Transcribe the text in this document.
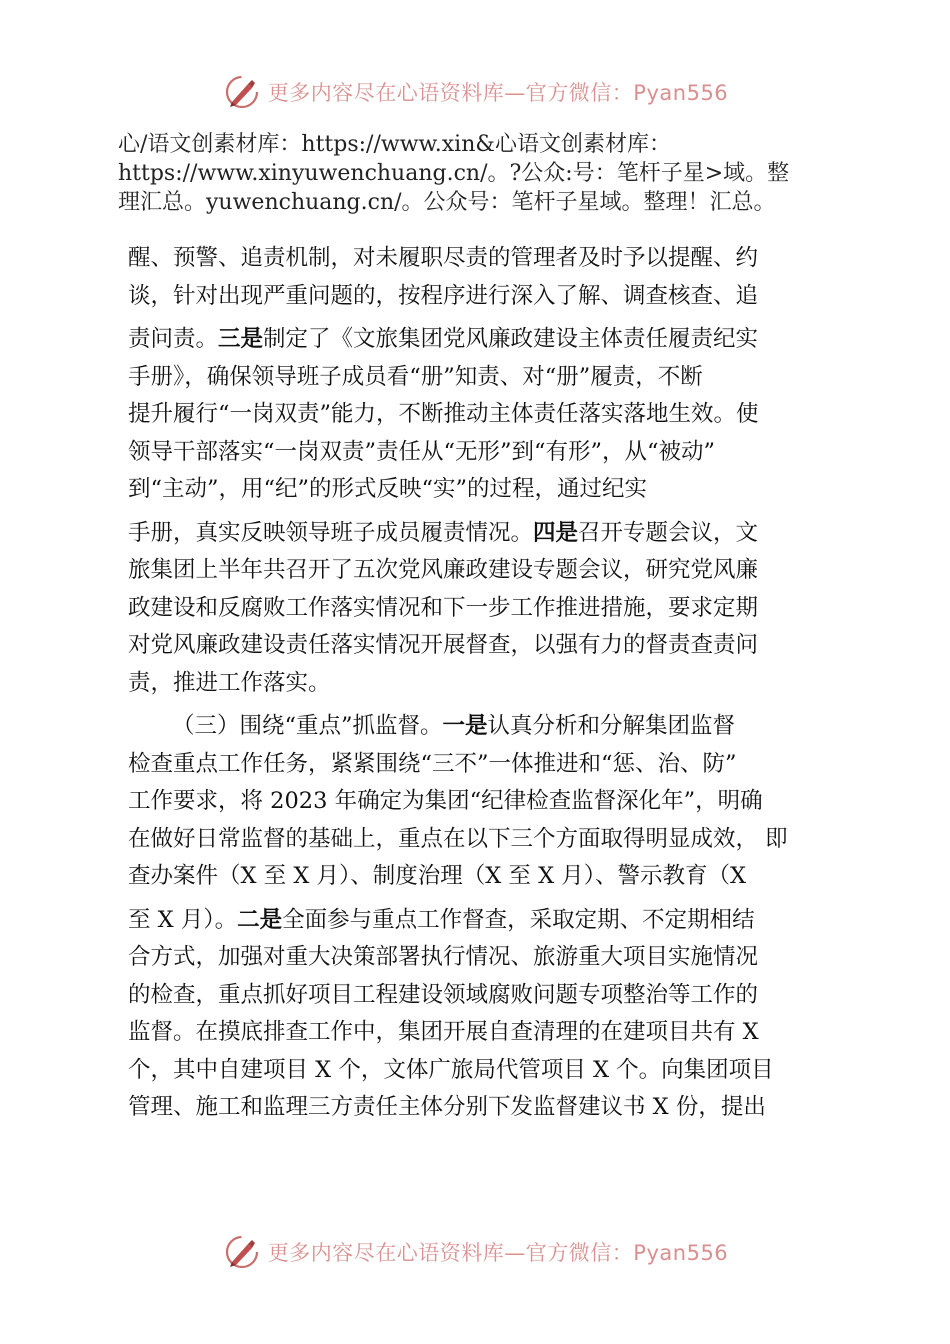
更多内容尽在心语资料库—官方微信：Pyan556
心/语文创素材库：https://www.xin&心语文创素材库：
https://www.xinyuwenchuang.cn/。?公众:号：笔杆子星>域。整
理汇总。yuwenchuang.cn/。公众号：笔杆子星域。整理！汇总。
醒、预警、追责机制，对未履职尽责的管理者及时予以提醒、约
谈，针对出现严重问题的，按程序进行深入了解、调查核查、追
责问责。三是制定了《文旅集团党风廉政建设主体责任履责纪实
手册》，确保领导班子成员看“册”知责、对“册”履责，不断
提升履行“一岗双责”能力，不断推动主体责任落实落地生效。使
领导干部落实“一岗双责”责任从“无形”到“有形”，从“被动”
到“主动”，用“纪”的形式反映“实”的过程，通过纪实
手册，真实反映领导班子成员履责情况。四是召开专题会议，文
旅集团上半年共召开了五次党风廉政建设专题会议，研究党风廉
政建设和反腐败工作落实情况和下一步工作推进措施，要求定期
对党风廉政建设责任落实情况开展督查，以强有力的督责查责问
责，推进工作落实。
（三）围绕“重点”抓监督。一是认真分析和分解集团监督
检查重点工作任务，紧紧围绕“三不”一体推进和“惩、治、防”
工作要求，将 2023 年确定为集团“纪律检查监督深化年”，明确
在做好日常监督的基础上，重点在以下三个方面取得明显成效， 即
查办案件（X 至 X 月）、制度治理（X 至 X 月）、警示教育（X
至 X 月）。二是全面参与重点工作督查，采取定期、不定期相结
合方式，加强对重大决策部署执行情况、旅游重大项目实施情况
的检查，重点抓好项目工程建设领域腐败问题专项整治等工作的
监督。在摸底排查工作中，集团开展自查清理的在建项目共有 X
个，其中自建项目 X 个，文体广旅局代管项目 X 个。向集团项目
管理、施工和监理三方责任主体分别下发监督建议书 X 份，提出
更多内容尽在心语资料库—官方微信：Pyan556
